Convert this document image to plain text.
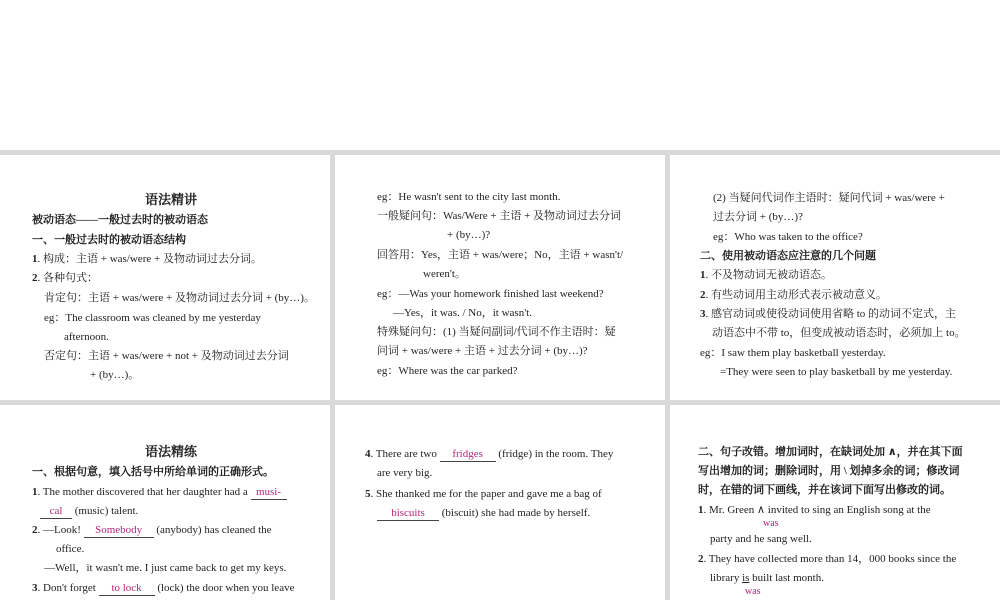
语法精讲
被动语态——一般过去时的被动语态
一、一般过去时的被动语态结构
1. 构成：主语 + was/were + 及物动词过去分词。
2. 各种句式：
肯定句：主语 + was/were + 及物动词过去分词 + (by…)。
eg：The classroom was cleaned by me yesterday
afternoon.
否定句：主语 + was/were + not + 及物动词过去分词
+ (by…)。
eg：He wasn't sent to the city last month.
一般疑问句：Was/Were + 主语 + 及物动词过去分词
+ (by…)?
回答用：Yes，主语 + was/were；No，主语 + wasn't/
weren't。
eg：—Was your homework finished last weekend?
—Yes，it was. / No，it wasn't.
特殊疑问句：(1) 当疑问副词/代词不作主语时：疑
问词 + was/were + 主语 + 过去分词 + (by…)?
eg：Where was the car parked?
(2) 当疑问代词作主语时：疑问代词 + was/were +
过去分词 + (by…)?
eg：Who was taken to the office?
二、使用被动语态应注意的几个问题
1. 不及物动词无被动语态。
2. 有些动词用主动形式表示被动意义。
3. 感官动词或使役动词使用省略 to 的动词不定式，主
动语态中不带 to，但变成被动语态时，必须加上 to。
eg：I saw them play basketball yesterday.
=They were seen to play basketball by me yesterday.
语法精练
一、根据句意，填入括号中所给单词的正确形式。
1. The mother discovered that her daughter had a musi-
cal (music) talent.
2. —Look! Somebody (anybody) has cleaned the
office.
—Well，it wasn't me. I just came back to get my keys.
3. Don't forget to lock (lock) the door when you leave
4. There are two fridges (fridge) in the room. They
are very big.
5. She thanked me for the paper and gave me a bag of
biscuits (biscuit) she had made by herself.
二、句子改错。增加词时，在缺词处加 ∧，并在其下面
写出增加的词；删除词时，用 \ 划掉多余的词；修改词
时，在错的词下画线，并在该词下面写出修改的词。
1. Mr. Green ∧ invited to sing an English song at the
was
party and he sang well.
2. They have collected more than 14，000 books since the
library is built last month.
was
